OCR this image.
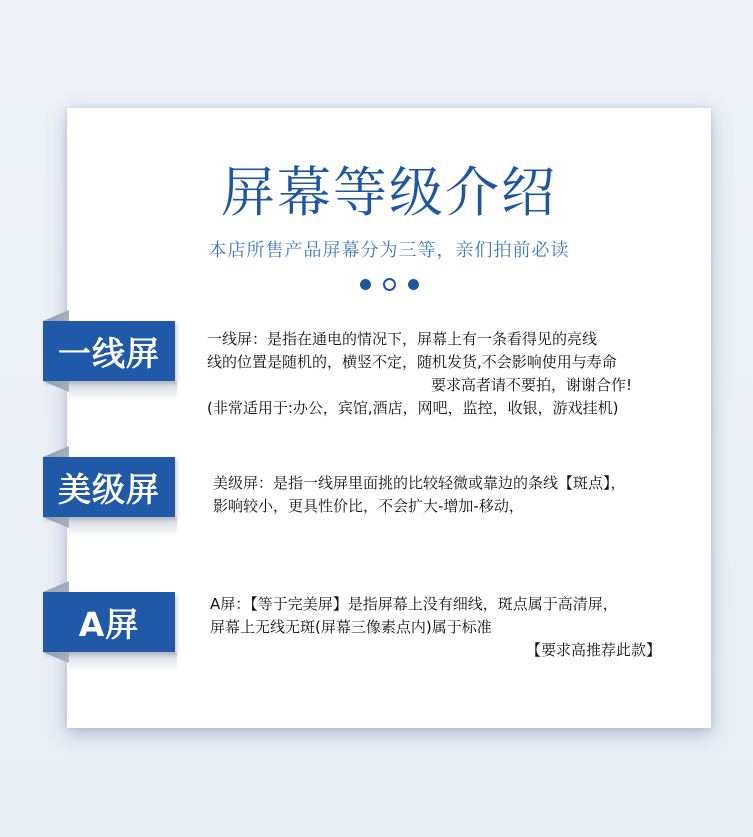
屏幕等级介绍
本店所售产品屏幕分为三等，亲们拍前必读
一线屏	一线屏：是指在通电的情况下，屏幕上有一条看得见的亮线
线的位置是随机的，横竖不定，随机发货,不会影响使用与寿命
要求高者请不要拍，谢谢合作!
(非常适用于:办公，宾馆,酒店，网吧，监控，收银，游戏挂机)
美级屏	美级屏：是指一线屏里面挑的比较轻微或靠边的条线【斑点】，
影响较小，更具性价比，不会扩大-增加-移动，
A屏
A屏：【等于完美屏】是指屏幕上没有细线，斑点属于高清屏，
屏幕上无线无斑(屏幕三像素点内)属于标准
【要求高推荐此款】
